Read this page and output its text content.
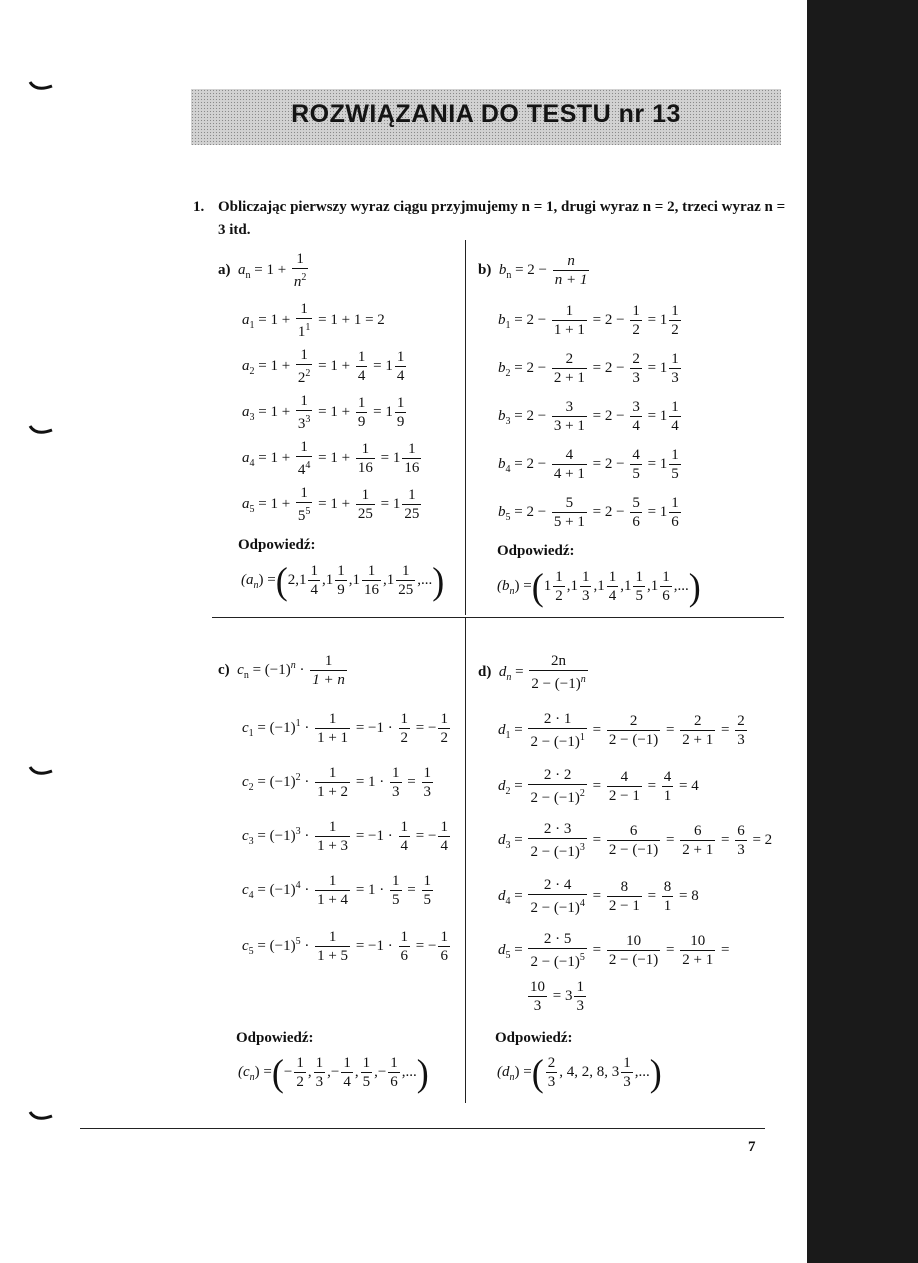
ROZWIĄZANIA DO TESTU nr 13
1. Obliczając pierwszy wyraz ciągu przyjmujemy n = 1, drugi wyraz n = 2, trzeci wyraz n = 3 itd.
a) $a_n = 1 + \frac{1}{n^2}$
$a_1 = 1 + \frac{1}{1^1} = 1 + 1 = 2$
$a_2 = 1 + \frac{1}{2^2} = 1 + \frac{1}{4} = 1 \frac{1}{4}$
$a_3 = 1 + \frac{1}{3^3} = 1 + \frac{1}{9} = 1 \frac{1}{9}$
$a_4 = 1 + \frac{1}{4^4} = 1 + \frac{1}{16} = 1 \frac{1}{16}$
$a_5 = 1 + \frac{1}{5^5} = 1 + \frac{1}{25} = 1 \frac{1}{25}$
Odpowiedź:
$(a_n) =(2,1 \frac{1}{4} ,1 \frac{1}{9} ,1 \frac{1}{16} ,1 \frac{1}{25}$ ,...)
b) $b_n = 2 - \frac{n}{n + 1}$
$b_1 = 2 - \frac{1}{1 + 1} = 2 - \frac{1}{2} = 1 \frac{1}{2}$
$b_2 = 2 - \frac{2}{2 + 1} = 2 - \frac{2}{3} = 1 \frac{1}{3}$
$b_3 = 2 - \frac{3}{3 + 1} = 2 - \frac{3}{4} = 1 \frac{1}{4}$
$b_4 = 2 - \frac{4}{4 + 1} = 2 - \frac{4}{5} = 1 \frac{1}{5}$
$b_5 = 2 - \frac{5}{5 + 1} = 2 - \frac{5}{6} = 1 \frac{1}{6}$
Odpowiedź:
$(b_n) =(1 \frac{1}{2} ,1 \frac{1}{3} ,1 \frac{1}{4} ,1 \frac{1}{5} ,1 \frac{1}{6}$ ,...)
c) $c_n = (-1)^n \cdot \frac{1}{1 + n}$
$c_1 = (-1)^1 \cdot \frac{1}{1 + 1} = -1 \cdot \frac{1}{2}$ = − $\frac{1}{2}$
$c_2 = (-1)^2 \cdot \frac{1}{1 + 2} = 1 \cdot \frac{1}{3} = \frac{1}{3}$
$c_3 = (-1)^3 \cdot \frac{1}{1 + 3} = -1 \cdot \frac{1}{4}$ = − $\frac{1}{4}$
$c_4 = (-1)^4 \cdot \frac{1}{1 + 4} = 1 \cdot \frac{1}{5} = \frac{1}{5}$
$c_5 = (-1)^5 \cdot \frac{1}{1 + 5} = -1 \cdot \frac{1}{6}$ = − $\frac{1}{6}$
Odpowiedź:
$(c_n)$ =(− $\frac{1}{2}$ , $\frac{1}{3}$ ,− $\frac{1}{4}$ , $\frac{1}{5}$ ,− $\frac{1}{6}$ ,...)
d) $d_n = \frac{2n}{2 - (-1)^n}$
$d_1 = \frac{2 \cdot 1}{2 - (-1)^1} = \frac{2}{2 - (-1)} = \frac{2}{2 + 1} = \frac{2}{3}$
$d_2 = \frac{2 \cdot 2}{2 - (-1)^2} = \frac{4}{2 - 1} = \frac{4}{1} = 4$
$d_3 = \frac{2 \cdot 3}{2 - (-1)^3} = \frac{6}{2 - (-1)} = \frac{6}{2 + 1} = \frac{6}{3} = 2$
$d_4 = \frac{2 \cdot 4}{2 - (-1)^4} = \frac{8}{2 - 1} = \frac{8}{1} = 8$
$d_5 = \frac{2 \cdot 5}{2 - (-1)^5} = \frac{10}{2 - (-1)} = \frac{10}{2 + 1}$ =
$\frac{10}{3} = 3 \frac{1}{3}$
Odpowiedź:
$(d_n)$ =( $\frac{2}{3}$ , 4, 2, 8, $3 \frac{1}{3}$ ,...)
7
